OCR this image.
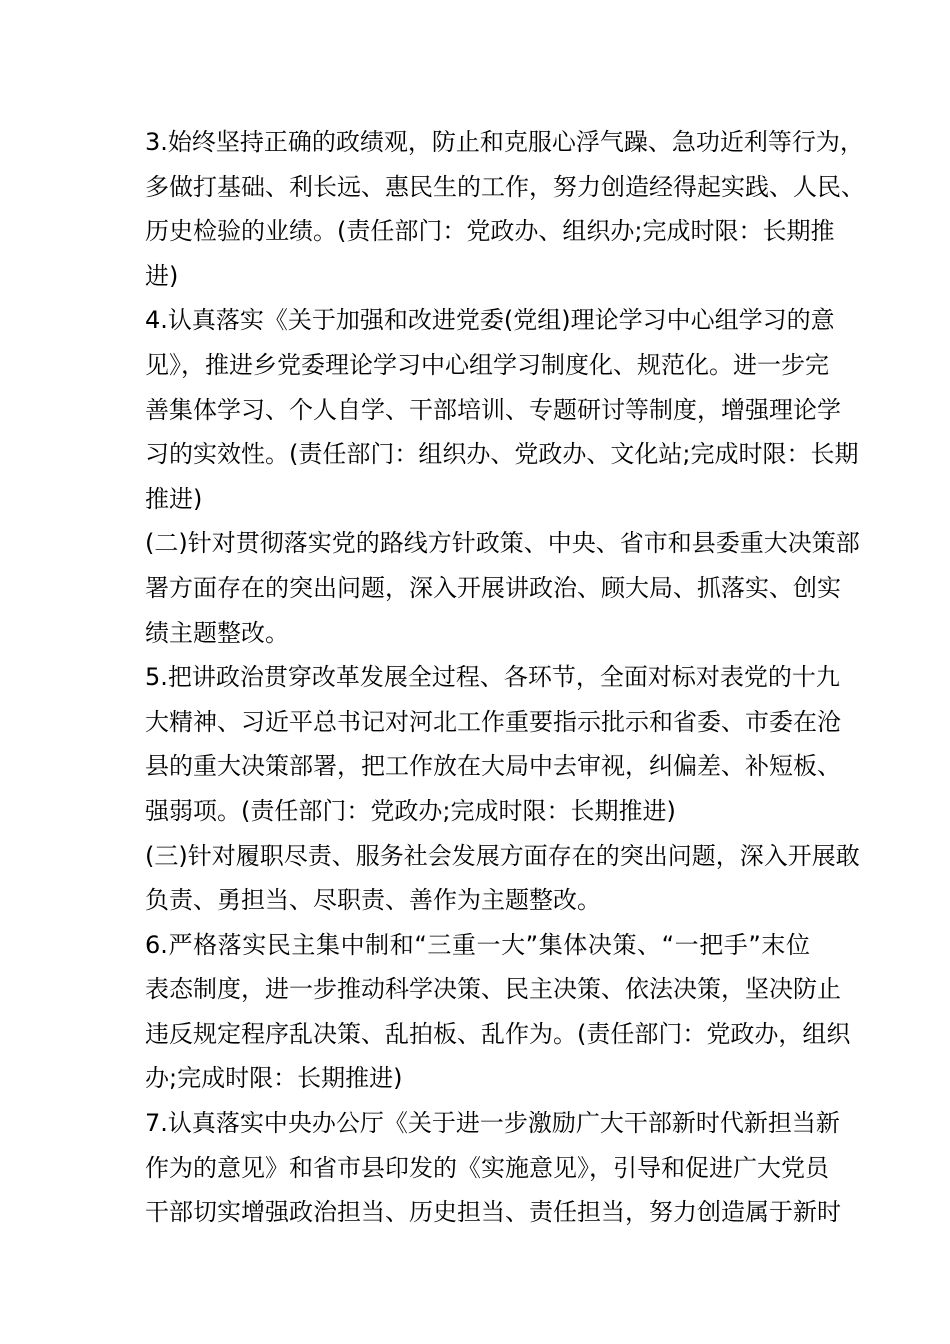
3.始终坚持正确的政绩观，防止和克服心浮气躁、急功近利等行为，
多做打基础、利长远、惠民生的工作，努力创造经得起实践、人民、
历史检验的业绩。(责任部门：党政办、组织办;完成时限：长期推
进)
4.认真落实《关于加强和改进党委(党组)理论学习中心组学习的意
见》，推进乡党委理论学习中心组学习制度化、规范化。进一步完
善集体学习、个人自学、干部培训、专题研讨等制度，增强理论学
习的实效性。(责任部门：组织办、党政办、文化站;完成时限：长期
推进)
(二)针对贯彻落实党的路线方针政策、中央、省市和县委重大决策部
署方面存在的突出问题，深入开展讲政治、顾大局、抓落实、创实
绩主题整改。
5.把讲政治贯穿改革发展全过程、各环节，全面对标对表党的十九
大精神、习近平总书记对河北工作重要指示批示和省委、市委在沧
县的重大决策部署，把工作放在大局中去审视，纠偏差、补短板、
强弱项。(责任部门：党政办;完成时限：长期推进)
(三)针对履职尽责、服务社会发展方面存在的突出问题，深入开展敢
负责、勇担当、尽职责、善作为主题整改。
6.严格落实民主集中制和“三重一大”集体决策、“一把手”末位
表态制度，进一步推动科学决策、民主决策、依法决策，坚决防止
违反规定程序乱决策、乱拍板、乱作为。(责任部门：党政办，组织
办;完成时限：长期推进)
7.认真落实中央办公厅《关于进一步激励广大干部新时代新担当新
作为的意见》和省市县印发的《实施意见》，引导和促进广大党员
干部切实增强政治担当、历史担当、责任担当，努力创造属于新时
